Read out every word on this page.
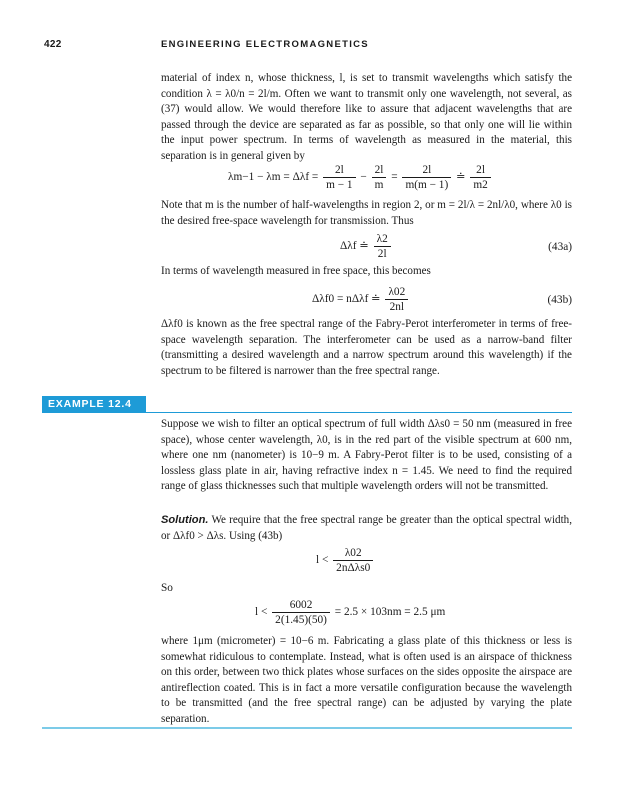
422	ENGINEERING ELECTROMAGNETICS

material of index n, whose thickness, l, is set to transmit wavelengths which satisfy the condition λ = λ0/n = 2l/m. Often we want to transmit only one wavelength, not several, as (37) would allow. We would therefore like to assure that adjacent wavelengths that are passed through the device are separated as far as possible, so that only one will lie within the input power spectrum. In terms of wavelength as measured in the material, this separation is in general given by

$\lambda m-1 - \lambda m = \Delta\lambda f = \frac{2l}{m - 1} - \frac{2l}{m} = \frac{2l}{m(m - 1)}$ ≐ $\frac{2l}{m2}$

Note that m is the number of half-wavelengths in region 2, or m = 2l/λ = 2nl/λ0, where λ0 is the desired free-space wavelength for transmission. Thus

Δλf ≐ $\frac{\lambda 2}{2l}$	(43a)

In terms of wavelength measured in free space, this becomes

Δλf0 = nΔλf ≐ $\frac{\lambda 02}{2nl}$	(43b)

Δλf0 is known as the free spectral range of the Fabry-Perot interferometer in terms of free-space wavelength separation. The interferometer can be used as a narrow-band filter (transmitting a desired wavelength and a narrow spectrum around this wavelength) if the spectrum to be filtered is narrower than the free spectral range.

EXAMPLE 12.4

Suppose we wish to filter an optical spectrum of full width Δλs0 = 50 nm (measured in free space), whose center wavelength, λ0, is in the red part of the visible spectrum at 600 nm, where one nm (nanometer) is 10−9 m. A Fabry-Perot filter is to be used, consisting of a lossless glass plate in air, having refractive index n = 1.45. We need to find the required range of glass thicknesses such that multiple wavelength orders will not be transmitted.

Solution. We require that the free spectral range be greater than the optical spectral width, or Δλf0 > Δλs. Using (43b)

$l < \frac{\lambda 02}{\text{2nΔλs0}}$
So
$l < \frac{6002}{2(1.45)(50)} = 2.5 \times 103nm = 2.5$ μm

where 1μm (micrometer) = 10−6 m. Fabricating a glass plate of this thickness or less is somewhat ridiculous to contemplate. Instead, what is often used is an airspace of thickness on this order, between two thick plates whose surfaces on the sides opposite the airspace are antireflection coated. This is in fact a more versatile configuration because the wavelength to be transmitted (and the free spectral range) can be adjusted by varying the plate separation.
